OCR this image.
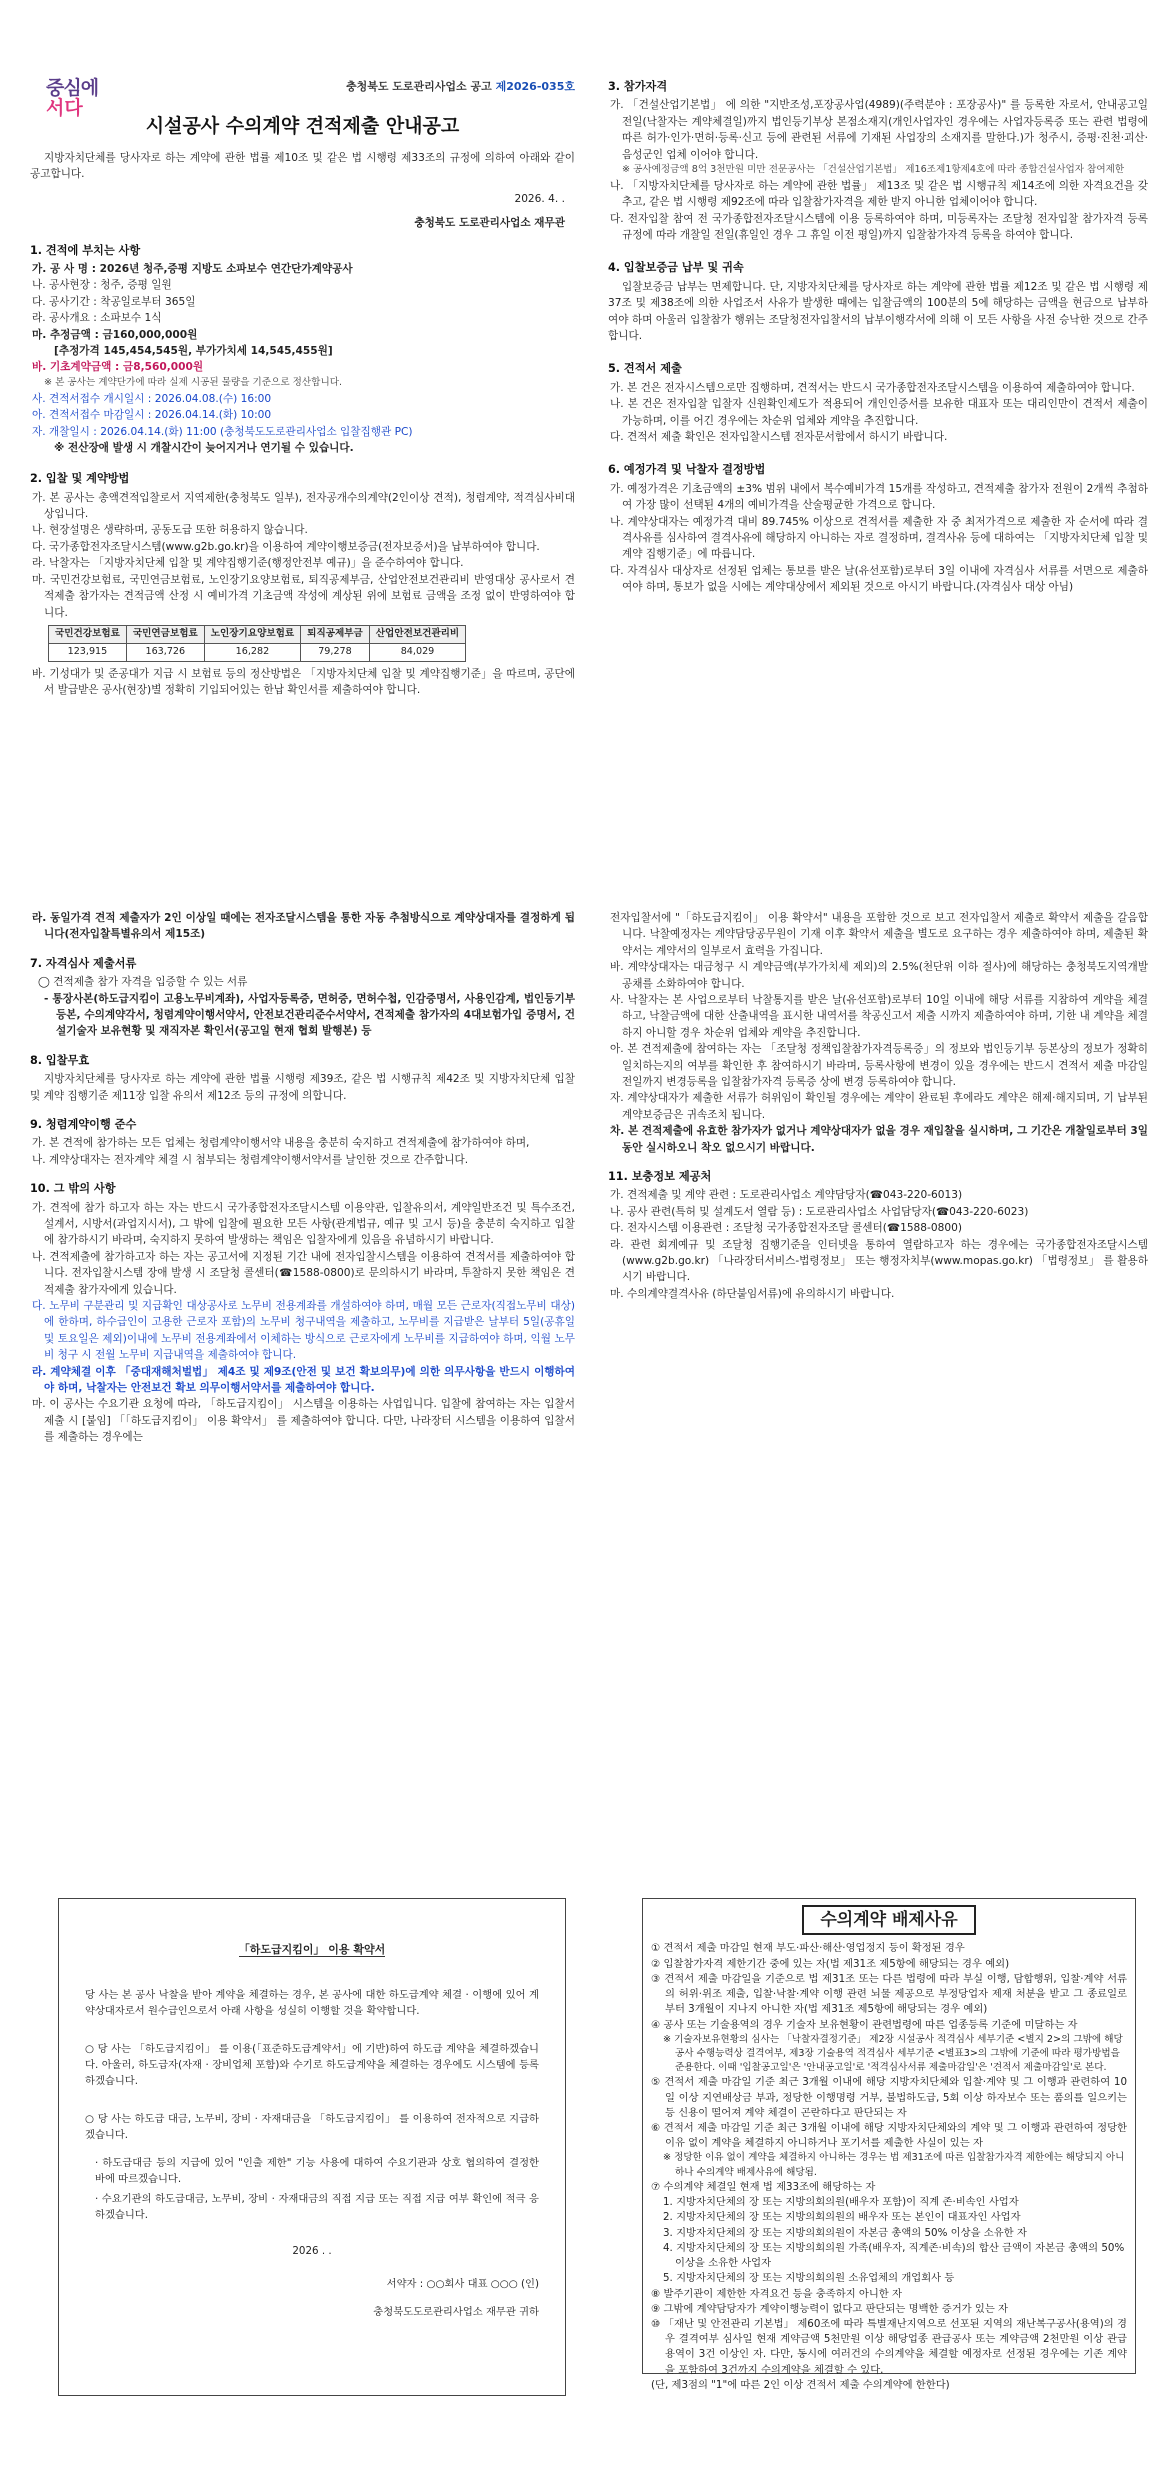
충청북도 도로관리사업소 공고 제2026-035호
중심에
서다
시설공사 수의계약 견적제출 안내공고

지방자치단체를 당사자로 하는 계약에 관한 법률 제10조 및 같은 법 시행령 제33조의 규정에 의하여 아래와 같이 공고합니다.

2026. 4. .

충청북도 도로관리사업소 재무관

1. 견적에 부치는 사항

가. 공 사 명 : 2026년 청주,증평 지방도 소파보수 연간단가계약공사

나. 공사현장 : 청주, 증평 일원

다. 공사기간 : 착공일로부터 365일

라. 공사개요 : 소파보수 1식

마. 추정금액 : 금160,000,000원

[추정가격 145,454,545원, 부가가치세 14,545,455원]

바. 기초계약금액 : 금8,560,000원

※ 본 공사는 계약단가에 따라 실제 시공된 물량을 기준으로 정산합니다.

사. 견적서접수 개시일시 : 2026.04.08.(수) 16:00

아. 견적서접수 마감일시 : 2026.04.14.(화) 10:00

자. 개찰일시 : 2026.04.14.(화) 11:00 (충청북도도로관리사업소 입찰집행관 PC)

※ 전산장애 발생 시 개찰시간이 늦어지거나 연기될 수 있습니다.

2. 입찰 및 계약방법

가. 본 공사는 총액견적입찰로서 지역제한(충청북도 일부), 전자공개수의계약(2인이상 견적), 청렴계약, 적격심사비대상입니다.

나. 현장설명은 생략하며, 공동도급 또한 허용하지 않습니다.

다. 국가종합전자조달시스템(www.g2b.go.kr)을 이용하여 계약이행보증금(전자보증서)을 납부하여야 합니다.

라. 낙찰자는 「지방자치단체 입찰 및 계약집행기준(행정안전부 예규)」을 준수하여야 합니다.

마. 국민건강보험료, 국민연금보험료, 노인장기요양보험료, 퇴직공제부금, 산업안전보건관리비 반영대상 공사로서 견적제출 참가자는 견적금액 산정 시 예비가격 기초금액 작성에 계상된 위에 보험료 금액을 조정 없이 반영하여야 합니다.

국민건강보험료	국민연금보험료	노인장기요양보험료	퇴직공제부금	산업안전보건관리비
123,915	163,726	16,282	79,278	84,029

바. 기성대가 및 준공대가 지급 시 보험료 등의 정산방법은 「지방자치단체 입찰 및 계약집행기준」을 따르며, 공단에서 발급받은 공사(현장)별 정확히 기입되어있는 한납 확인서를 제출하여야 합니다.

3. 참가자격

가. 「건설산업기본법」 에 의한 "지반조성,포장공사업(4989)(주력분야 : 포장공사)" 를 등록한 자로서, 안내공고일 전일(낙찰자는 계약체결일)까지 법인등기부상 본점소재지(개인사업자인 경우에는 사업자등록증 또는 관련 법령에 따른 허가·인가·면허·등록·신고 등에 관련된 서류에 기재된 사업장의 소재지를 말한다.)가 청주시, 증평·진천·괴산·음성군인 업체 이어야 합니다.

※ 공사예정금액 8억 3천만원 미만 전문공사는 「건설산업기본법」 제16조제1항제4호에 따라 종합건설사업자 참여제한

나. 「지방자치단체를 당사자로 하는 계약에 관한 법률」 제13조 및 같은 법 시행규칙 제14조에 의한 자격요건을 갖추고, 같은 법 시행령 제92조에 따라 입찰참가자격을 제한 받지 아니한 업체이어야 합니다.

다. 전자입찰 참여 전 국가종합전자조달시스템에 이용 등록하여야 하며, 미등록자는 조달청 전자입찰 참가자격 등록 규정에 따라 개찰일 전일(휴일인 경우 그 휴일 이전 평일)까지 입찰참가자격 등록을 하여야 합니다.

4. 입찰보증금 납부 및 귀속

입찰보증금 납부는 면제합니다. 단, 지방자치단체를 당사자로 하는 계약에 관한 법률 제12조 및 같은 법 시행령 제37조 및 제38조에 의한 사업조서 사유가 발생한 때에는 입찰금액의 100분의 5에 해당하는 금액을 현금으로 납부하여야 하며 아울러 입찰참가 행위는 조달청전자입찰서의 납부이행각서에 의해 이 모든 사항을 사전 승낙한 것으로 간주합니다.

5. 견적서 제출

가. 본 건은 전자시스템으로만 집행하며, 견적서는 반드시 국가종합전자조달시스템을 이용하여 제출하여야 합니다.

나. 본 건은 전자입찰 입찰자 신원확인제도가 적용되어 개인인증서를 보유한 대표자 또는 대리인만이 견적서 제출이 가능하며, 이를 어긴 경우에는 차순위 업체와 계약을 추진합니다.

다. 견적서 제출 확인은 전자입찰시스템 전자문서함에서 하시기 바랍니다.

6. 예정가격 및 낙찰자 결정방법

가. 예정가격은 기초금액의 ±3% 범위 내에서 복수예비가격 15개를 작성하고, 견적제출 참가자 전원이 2개씩 추첨하여 가장 많이 선택된 4개의 예비가격을 산술평균한 가격으로 합니다.

나. 계약상대자는 예정가격 대비 89.745% 이상으로 견적서를 제출한 자 중 최저가격으로 제출한 자 순서에 따라 결격사유를 심사하여 결격사유에 해당하지 아니하는 자로 결정하며, 결격사유 등에 대하여는 「지방자치단체 입찰 및 계약 집행기준」에 따릅니다.

다. 자격심사 대상자로 선정된 업체는 통보를 받은 날(유선포함)로부터 3일 이내에 자격심사 서류를 서면으로 제출하여야 하며, 통보가 없을 시에는 계약대상에서 제외된 것으로 아시기 바랍니다.(자격심사 대상 아님)

라. 동일가격 견적 제출자가 2인 이상일 때에는 전자조달시스템을 통한 자동 추첨방식으로 계약상대자를 결정하게 됩니다(전자입찰특별유의서 제15조)

7. 자격심사 제출서류

◯ 견적제출 참가 자격을 입증할 수 있는 서류

- 통장사본(하도급지킴이 고용노무비계좌), 사업자등록증, 면허증, 면허수첩, 인감증명서, 사용인감계, 법인등기부등본, 수의계약각서, 청렴계약이행서약서, 안전보건관리준수서약서, 견적제출 참가자의 4대보험가입 증명서, 건설기술자 보유현황 및 재직자본 확인서(공고일 현재 협회 발행본) 등

8. 입찰무효

지방자치단체를 당사자로 하는 계약에 관한 법률 시행령 제39조, 같은 법 시행규칙 제42조 및 지방자치단체 입찰 및 계약 집행기준 제11장 입찰 유의서 제12조 등의 규정에 의합니다.

9. 청렴계약이행 준수

가. 본 견적에 참가하는 모든 업체는 청렴계약이행서약 내용을 충분히 숙지하고 견적제출에 참가하여야 하며,

나. 계약상대자는 전자계약 체결 시 첨부되는 청렴계약이행서약서를 날인한 것으로 간주합니다.

10. 그 밖의 사항

가. 견적에 참가 하고자 하는 자는 반드시 국가종합전자조달시스템 이용약관, 입찰유의서, 계약일반조건 및 특수조건, 설계서, 시방서(과업지시서), 그 밖에 입찰에 필요한 모든 사항(관계법규, 예규 및 고시 등)을 충분히 숙지하고 입찰에 참가하시기 바라며, 숙지하지 못하여 발생하는 책임은 입찰자에게 있음을 유념하시기 바랍니다.

나. 견적제출에 참가하고자 하는 자는 공고서에 지정된 기간 내에 전자입찰시스템을 이용하여 견적서를 제출하여야 합니다. 전자입찰시스템 장애 발생 시 조달청 콜센터(☎1588-0800)로 문의하시기 바라며, 투찰하지 못한 책임은 견적제출 참가자에게 있습니다.

다. 노무비 구분관리 및 지급확인 대상공사로 노무비 전용계좌를 개설하여야 하며, 매월 모든 근로자(직접노무비 대상)에 한하며, 하수급인이 고용한 근로자 포함)의 노무비 청구내역을 제출하고, 노무비를 지급받은 날부터 5일(공휴일 및 토요일은 제외)이내에 노무비 전용계좌에서 이체하는 방식으로 근로자에게 노무비를 지급하여야 하며, 익월 노무비 청구 시 전월 노무비 지급내역을 제출하여야 합니다.

라. 계약체결 이후 「중대재해처벌법」 제4조 및 제9조(안전 및 보건 확보의무)에 의한 의무사항을 반드시 이행하여야 하며, 낙찰자는 안전보건 확보 의무이행서약서를 제출하여야 합니다.

마. 이 공사는 수요기관 요청에 따라, 「하도급지킴이」 시스템을 이용하는 사업입니다. 입찰에 참여하는 자는 입찰서 제출 시 [붙임] 「「하도급지킴이」 이용 확약서」 를 제출하여야 합니다. 다만, 나라장터 시스템을 이용하여 입찰서를 제출하는 경우에는

전자입찰서에 "「하도급지킴이」 이용 확약서" 내용을 포함한 것으로 보고 전자입찰서 제출로 확약서 제출을 갈음합니다. 낙찰예정자는 계약담당공무원이 기재 이후 확약서 제출을 별도로 요구하는 경우 제출하여야 하며, 제출된 확약서는 계약서의 일부로서 효력을 가집니다.

바. 계약상대자는 대금청구 시 계약금액(부가가치세 제외)의 2.5%(천단위 이하 절사)에 해당하는 충청북도지역개발공채를 소화하여야 합니다.

사. 낙찰자는 본 사업으로부터 낙찰통지를 받은 날(유선포함)로부터 10일 이내에 해당 서류를 지참하여 계약을 체결하고, 낙찰금액에 대한 산출내역을 표시한 내역서를 착공신고서 제출 시까지 제출하여야 하며, 기한 내 계약을 체결하지 아니할 경우 차순위 업체와 계약을 추진합니다.

아. 본 견적제출에 참여하는 자는 「조달청 정책입찰참가자격등록증」의 정보와 법인등기부 등본상의 정보가 정확히 일치하는지의 여부를 확인한 후 참여하시기 바라며, 등록사항에 변경이 있을 경우에는 반드시 견적서 제출 마감일 전일까지 변경등록을 입찰참가자격 등록증 상에 변경 등록하여야 합니다.

자. 계약상대자가 제출한 서류가 허위임이 확인될 경우에는 계약이 완료된 후에라도 계약은 해제·해지되며, 기 납부된 계약보증금은 귀속조치 됩니다.

차. 본 견적제출에 유효한 참가자가 없거나 계약상대자가 없을 경우 재입찰을 실시하며, 그 기간은 개찰일로부터 3일 동안 실시하오니 착오 없으시기 바랍니다.

11. 보충정보 제공처

가. 견적제출 및 계약 관련 : 도로관리사업소 계약담당자(☎043-220-6013)

나. 공사 관련(특허 및 설계도서 열람 등) : 도로관리사업소 사업담당자(☎043-220-6023)

다. 전자시스템 이용관련 : 조달청 국가종합전자조달 콜센터(☎1588-0800)

라. 관련 회계예규 및 조달청 집행기준을 인터넷을 통하여 열람하고자 하는 경우에는 국가종합전자조달시스템(www.g2b.go.kr) 「나라장터서비스-법령정보」 또는 행정자치부(www.mopas.go.kr) 「법령정보」 를 활용하시기 바랍니다.

마. 수의계약결격사유 (하단붙임서류)에 유의하시기 바랍니다.

「하도급지킴이」 이용 확약서

당 사는 본 공사 낙찰을 받아 계약을 체결하는 경우, 본 공사에 대한 하도급계약 체결 · 이행에 있어 계약상대자로서 원수급인으로서 아래 사항을 성실히 이행할 것을 확약합니다.

○ 당 사는 「하도급지킴이」 를 이용(「표준하도급계약서」에 기반)하여 하도급 계약을 체결하겠습니다. 아울러, 하도급자(자재 · 장비업체 포함)와 수기로 하도급계약을 체결하는 경우에도 시스템에 등록하겠습니다.

○ 당 사는 하도급 대금, 노무비, 장비 · 자재대금을 「하도급지킴이」 를 이용하여 전자적으로 지급하겠습니다.

· 하도급대금 등의 지급에 있어 "인출 제한" 기능 사용에 대하여 수요기관과 상호 협의하여 결정한 바에 따르겠습니다.

· 수요기관의 하도급대금, 노무비, 장비 · 자재대금의 직접 지급 또는 직접 지급 여부 확인에 적극 응하겠습니다.

2026 . .

서약자 : ○○회사 대표 ○○○ (인)

충청북도도로관리사업소 재무관 귀하

수의계약 배제사유

① 견적서 제출 마감일 현재 부도·파산·해산·영업정지 등이 확정된 경우

② 입찰참가자격 제한기간 중에 있는 자(법 제31조 제5항에 해당되는 경우 예외)

③ 견적서 제출 마감일을 기준으로 법 제31조 또는 다른 법령에 따라 부실 이행, 담합행위, 입찰·계약 서류의 허위·위조 제출, 입찰·낙찰·계약 이행 관련 뇌물 제공으로 부정당업자 제재 처분을 받고 그 종료일로부터 3개월이 지나지 아니한 자(법 제31조 제5항에 해당되는 경우 예외)

④ 공사 또는 기술용역의 경우 기술자 보유현황이 관련법령에 따른 업종등록 기준에 미달하는 자

※ 기술자보유현황의 심사는 「낙찰자결정기준」 제2장 시설공사 적격심사 세부기준 <별지 2>의 그밖에 해당공사 수행능력상 결격여부, 제3장 기술용역 적격심사 세부기준 <별표3>의 그밖에 기준에 따라 평가방법을 준용한다. 이때 '입찰공고일'은 '안내공고일'로 '적격심사서류 제출마감일'은 '견적서 제출마감일'로 본다.

⑤ 견적서 제출 마감일 기준 최근 3개월 이내에 해당 지방자치단체와 입찰·계약 및 그 이행과 관련하여 10일 이상 지연배상금 부과, 정당한 이행명령 거부, 불법하도급, 5회 이상 하자보수 또는 품의를 일으키는 등 신용이 떨어져 계약 체결이 곤란하다고 판단되는 자

⑥ 견적서 제출 마감일 기준 최근 3개월 이내에 해당 지방자치단체와의 계약 및 그 이행과 관련하여 정당한 이유 없이 계약을 체결하지 아니하거나 포기서를 제출한 사실이 있는 자

※ 정당한 이유 없이 계약을 체결하지 아니하는 경우는 법 제31조에 따른 입찰참가자격 제한에는 해당되지 아니하나 수의계약 배제사유에 해당됨.

⑦ 수의계약 체결일 현재 법 제33조에 해당하는 자

1. 지방자치단체의 장 또는 지방의회의원(배우자 포함)이 직계 존·비속인 사업자

2. 지방자치단체의 장 또는 지방의회의원의 배우자 또는 본인이 대표자인 사업자

3. 지방자치단체의 장 또는 지방의회의원이 자본금 총액의 50% 이상을 소유한 자

4. 지방자치단체의 장 또는 지방의회의원 가족(배우자, 직계존·비속)의 합산 금액이 자본금 총액의 50% 이상을 소유한 사업자

5. 지방자치단체의 장 또는 지방의회의원 소유업체의 개업회사 등

⑧ 발주기관이 제한한 자격요건 등을 충족하지 아니한 자

⑨ 그밖에 계약담당자가 계약이행능력이 없다고 판단되는 명백한 증거가 있는 자

⑩ 「재난 및 안전관리 기본법」 제60조에 따라 특별재난지역으로 선포된 지역의 재난복구공사(용역)의 경우 결격여부 심사일 현재 계약금액 5천만원 이상 해당업종 관급공사 또는 계약금액 2천만원 이상 관급용역이 3건 이상인 자. 다만, 동시에 여러건의 수의계약을 체결할 예정자로 선정된 경우에는 기존 계약을 포함하여 3건까지 수의계약을 체결할 수 있다.

(단, 제3점의 "1"에 따른 2인 이상 견적서 제출 수의계약에 한한다)
